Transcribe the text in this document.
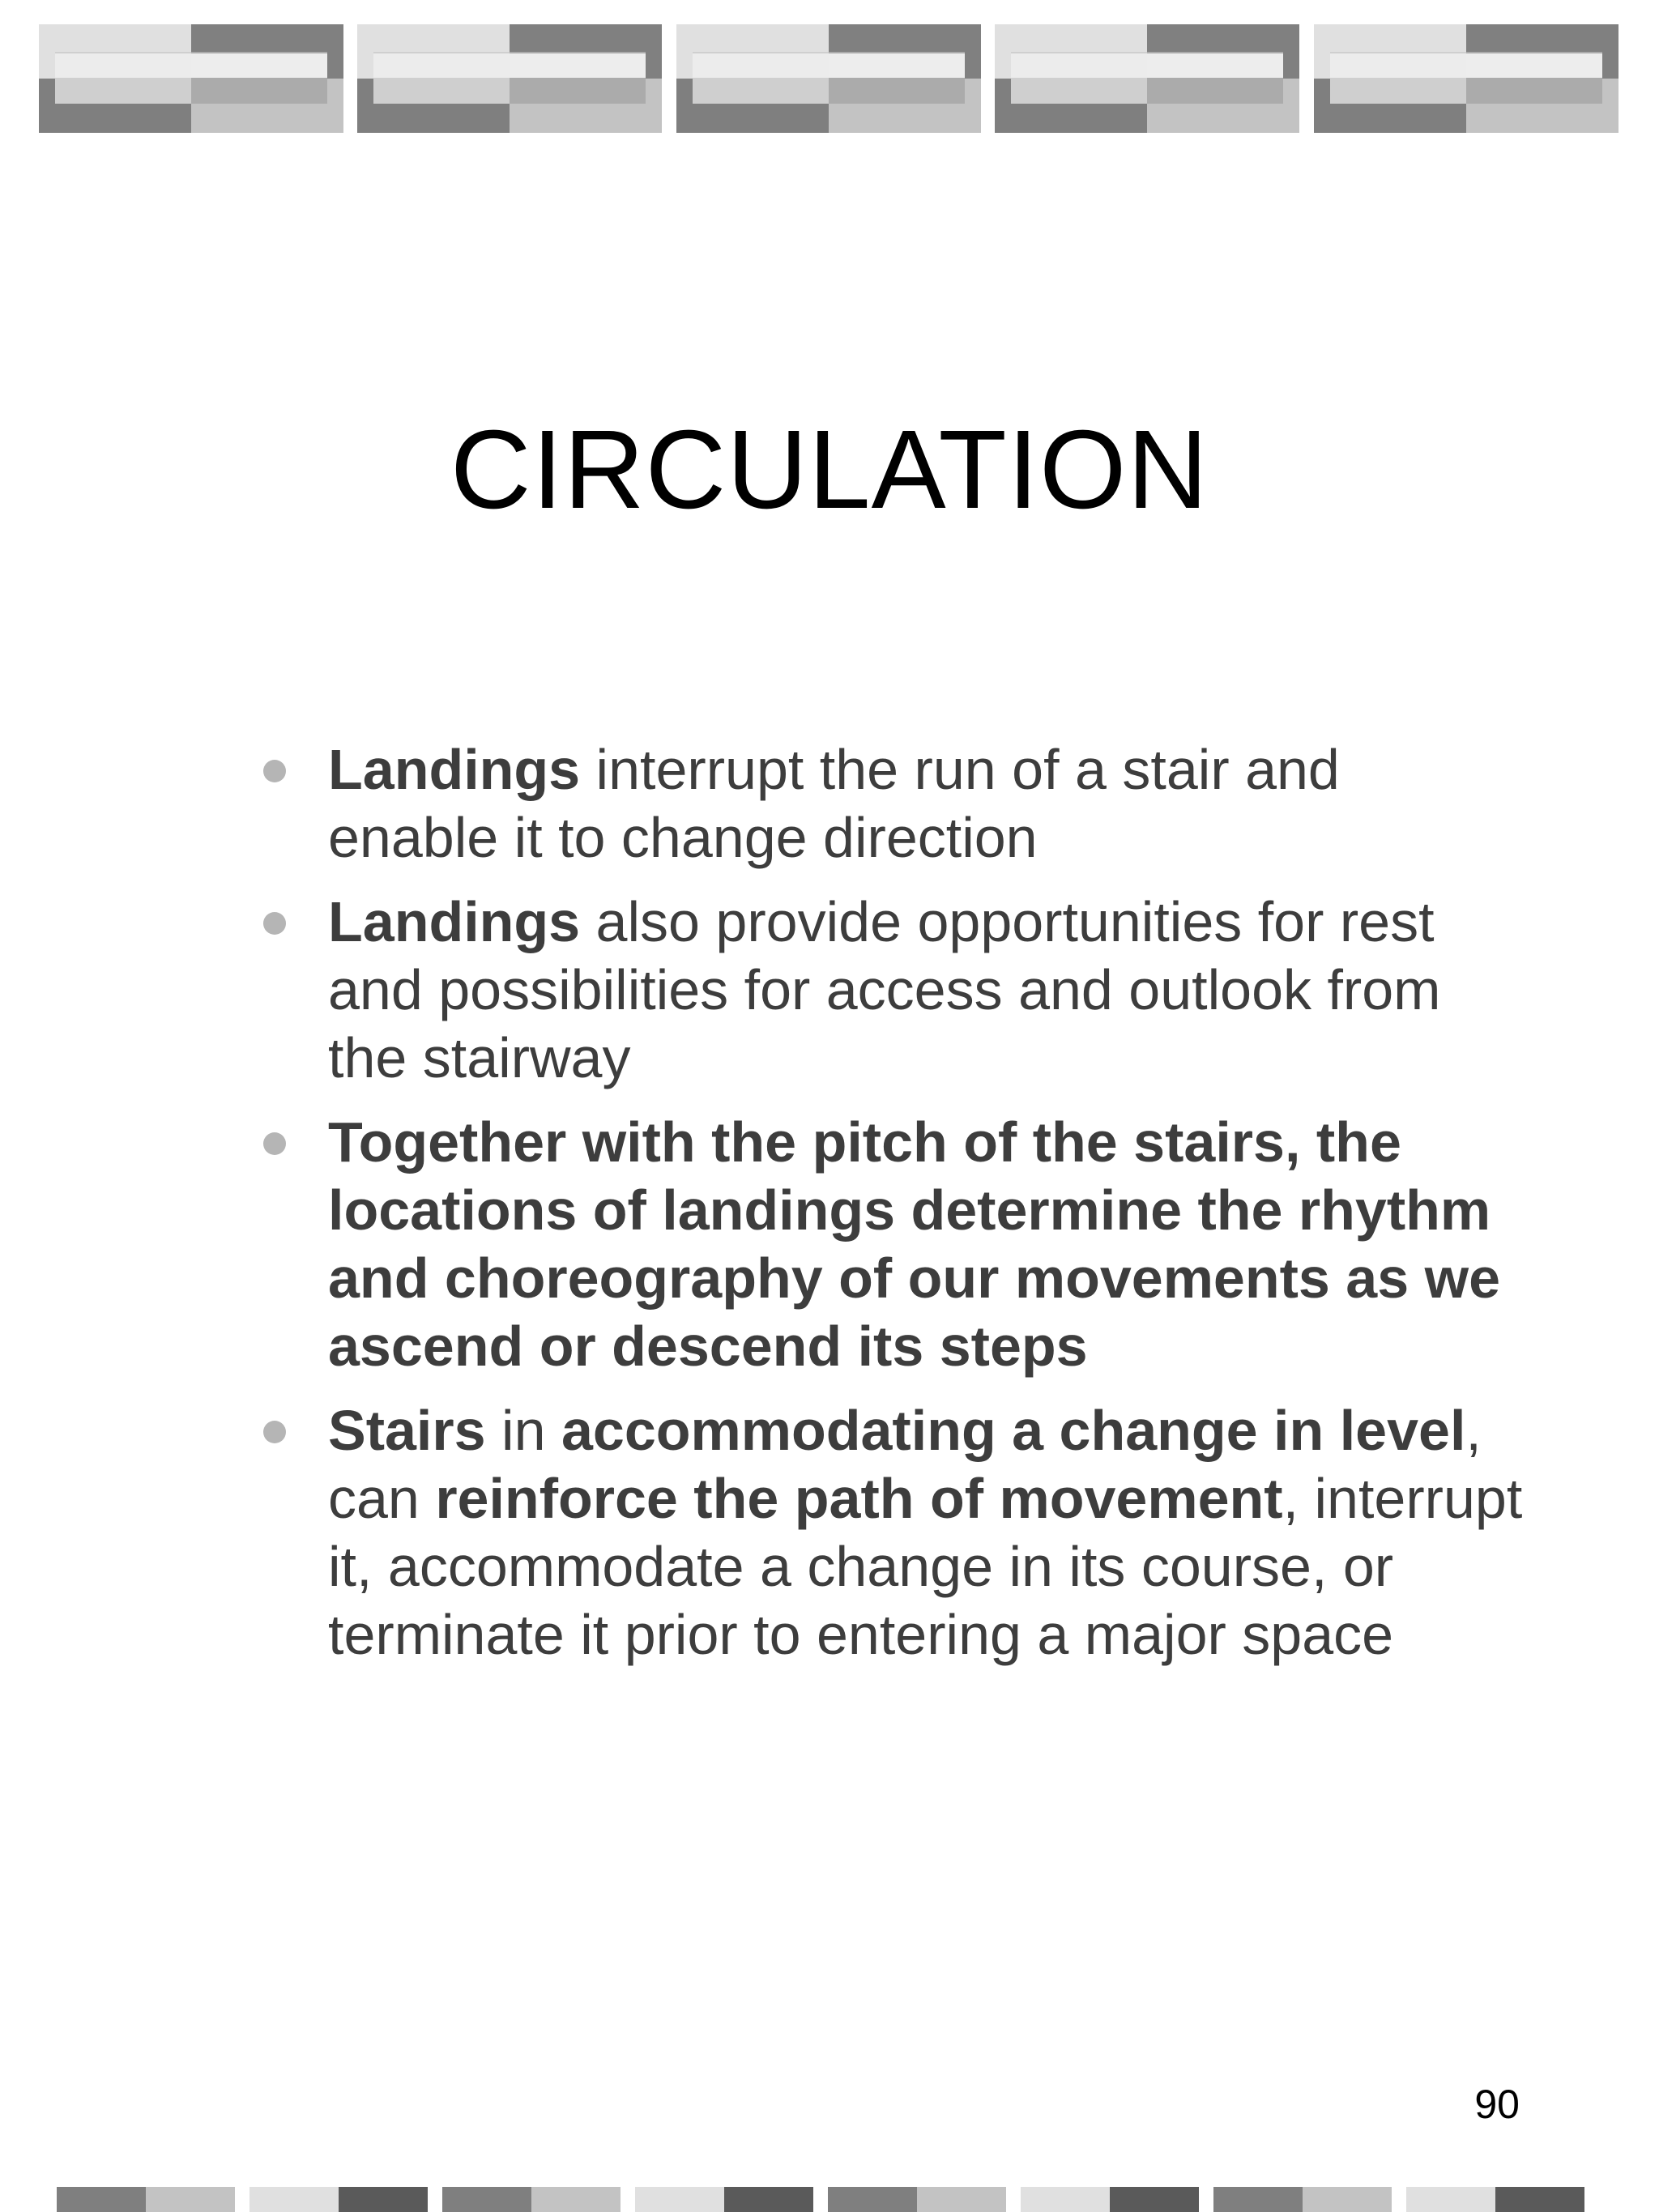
CIRCULATION
Landings interrupt the run of a stair and enable it to change direction
Landings also provide opportunities for rest and possibilities for access and outlook from the stairway
Together with the pitch of the stairs, the locations of landings determine the rhythm and choreography of our movements as we ascend or descend its steps
Stairs in accommodating a change in level, can reinforce the path of movement, interrupt it, accommodate a change in its course, or terminate it prior to entering a major space
90
